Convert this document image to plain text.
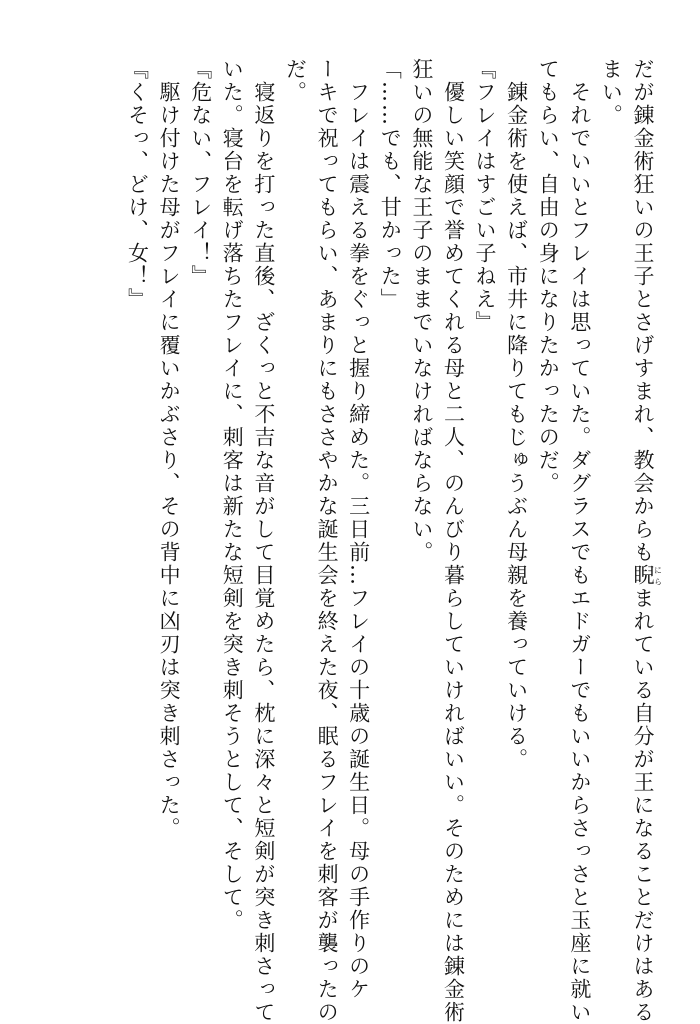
だが錬金術狂いの王子とさげすまれ、教会からも睨にらまれている自分が王になることだけはある
まい。
　それでいいとフレイは思っていた。ダグラスでもエドガーでもいいからさっさと玉座に就い
てもらい、自由の身になりたかったのだ。
　錬金術を使えば、市井に降りてもじゅうぶん母親を養っていける。
『フレイはすごい子ねえ』
　優しい笑顔で誉めてくれる母と二人、のんびり暮らしていければいい。そのためには錬金術
狂いの無能な王子のままでいなければならない。
「……でも、甘かった」
　フレイは震える拳をぐっと握り締めた。三日前…フレイの十歳の誕生日。母の手作りのケ
ーキで祝ってもらい、あまりにもささやかな誕生会を終えた夜、眠るフレイを刺客が襲ったの
だ。
　寝返りを打った直後、ざくっと不吉な音がして目覚めたら、枕に深々と短剣が突き刺さって
いた。寝台を転げ落ちたフレイに、刺客は新たな短剣を突き刺そうとして、そして。
『危ない、フレイ！』
　駆け付けた母がフレイに覆いかぶさり、その背中に凶刃は突き刺さった。
『くそっ、どけ、女！』
